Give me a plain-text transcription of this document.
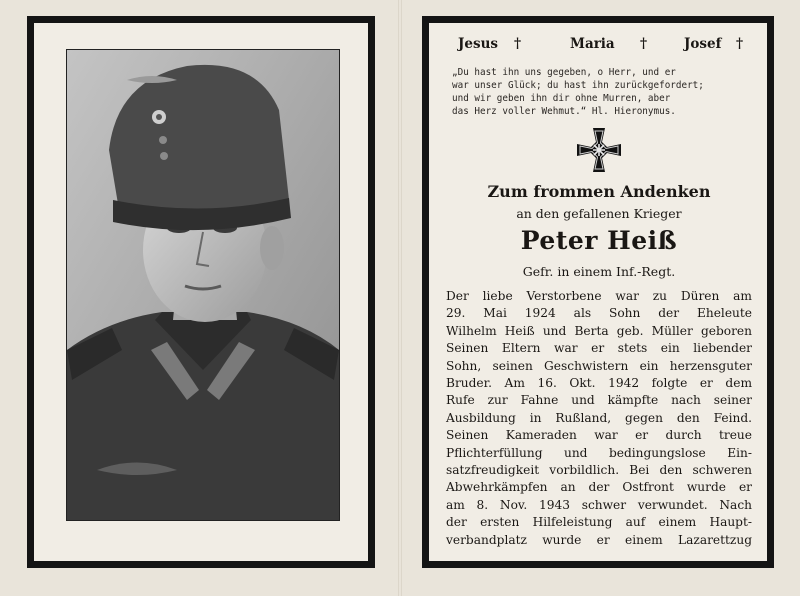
Jesus †	Maria †	Josef †
„Du hast ihn uns gegeben, o Herr, und er
war unser Glück; du hast ihn zurückgefordert;
und wir geben ihn dir ohne Murren, aber
das Herz voller Wehmut.“ Hl. Hieronymus.
Zum frommen Andenken
an den gefallenen Krieger
Peter Heiß
Gefr. in einem Inf.-Regt.
Der liebe Verstorbene war zu Düren am
29. Mai 1924 als Sohn der Eheleute
Wilhelm Heiß und Berta geb. Müller geboren
Seinen Eltern war er stets ein liebender
Sohn, seinen Geschwistern ein herzensguter
Bruder. Am 16. Okt. 1942 folgte er dem
Rufe zur Fahne und kämpfte nach seiner
Ausbildung in Rußland, gegen den Feind.
Seinen Kameraden war er durch treue
Pflichterfüllung und bedingungslose Ein-
satzfreudigkeit vorbildlich. Bei den schweren
Abwehrkämpfen an der Ostfront wurde er
am 8. Nov. 1943 schwer verwundet. Nach
der ersten Hilfeleistung auf einem Haupt-
verbandplatz wurde er einem Lazarettzug
